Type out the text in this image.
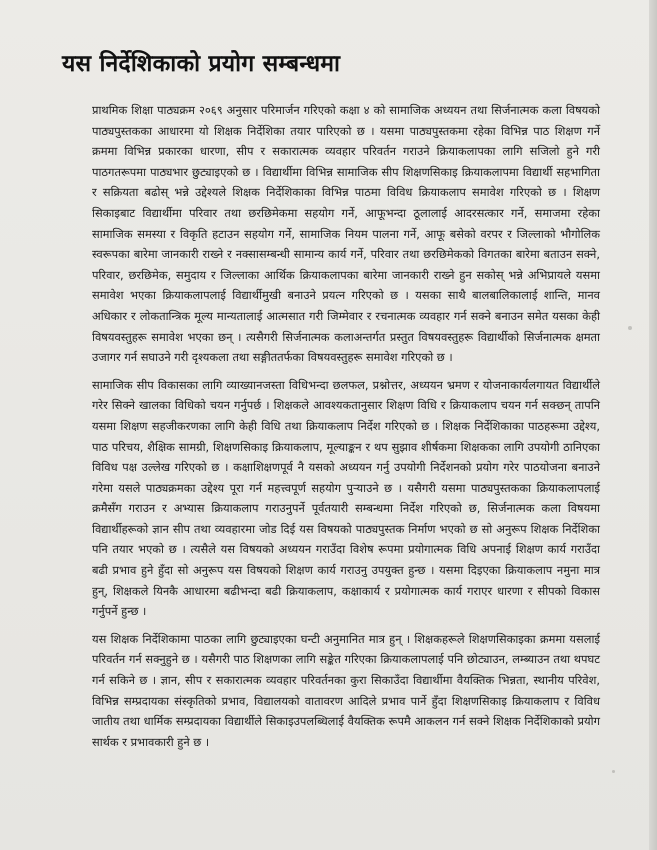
यस निर्देशिकाको प्रयोग सम्बन्धमा

प्राथमिक शिक्षा पाठ्यक्रम २०६९ अनुसार परिमार्जन गरिएको कक्षा ४ को सामाजिक अध्ययन तथा सिर्जनात्मक कला विषयको पाठ्यपुस्तकका आधारमा यो शिक्षक निर्देशिका तयार पारिएको छ । यसमा पाठ्यपुस्तकमा रहेका विभिन्न पाठ शिक्षण गर्ने क्रममा विभिन्न प्रकारका धारणा, सीप र सकारात्मक व्यवहार परिवर्तन गराउने क्रियाकलापका लागि सजिलो हुने गरी पाठगतरूपमा पाठ्यभार छुट्याइएको छ । विद्यार्थीमा विभिन्न सामाजिक सीप शिक्षणसिकाइ क्रियाकलापमा विद्यार्थी सहभागिता र सक्रियता बढोस् भन्ने उद्देश्यले शिक्षक निर्देशिकाका विभिन्न पाठमा विविध क्रियाकलाप समावेश गरिएको छ । शिक्षण सिकाइबाट विद्यार्थीमा परिवार तथा छरछिमेकमा सहयोग गर्ने, आफूभन्दा ठूलालाई आदरसत्कार गर्ने, समाजमा रहेका सामाजिक समस्या र विकृति हटाउन सहयोग गर्ने, सामाजिक नियम पालना गर्ने, आफू बसेको वरपर र जिल्लाको भौगोलिक स्वरूपका बारेमा जानकारी राख्ने र नक्सासम्बन्धी सामान्य कार्य गर्ने, परिवार तथा छरछिमेकको विगतका बारेमा बताउन सक्ने, परिवार, छरछिमेक, समुदाय र जिल्लाका आर्थिक क्रियाकलापका बारेमा जानकारी राख्ने हुन सकोस् भन्ने अभिप्रायले यसमा समावेश भएका क्रियाकलापलाई विद्यार्थीमुखी बनाउने प्रयत्न गरिएको छ । यसका साथै बालबालिकालाई शान्ति, मानव अधिकार र लोकतान्त्रिक मूल्य मान्यतालाई आत्मसात गरी जिम्मेवार र रचनात्मक व्यवहार गर्न सक्ने बनाउन समेत यसका केही विषयवस्तुहरू समावेश भएका छन् । त्यसैगरी सिर्जनात्मक कलाअन्तर्गत प्रस्तुत विषयवस्तुहरू विद्यार्थीको सिर्जनात्मक क्षमता उजागर गर्न सघाउने गरी दृश्यकला तथा सङ्गीततर्फका विषयवस्तुहरू समावेश गरिएको छ ।

सामाजिक सीप विकासका लागि व्याख्यानजस्ता विधिभन्दा छलफल, प्रश्नोत्तर, अध्ययन भ्रमण र योजनाकार्यलगायत विद्यार्थीले गरेर सिक्ने खालका विधिको चयन गर्नुपर्छ । शिक्षकले आवश्यकतानुसार शिक्षण विधि र क्रियाकलाप चयन गर्न सक्छन् तापनि यसमा शिक्षण सहजीकरणका लागि केही विधि तथा क्रियाकलाप निर्देश गरिएको छ । शिक्षक निर्देशिकाका पाठहरूमा उद्देश्य, पाठ परिचय, शैक्षिक सामग्री, शिक्षणसिकाइ क्रियाकलाप, मूल्याङ्कन र थप सुझाव शीर्षकमा शिक्षकका लागि उपयोगी ठानिएका विविध पक्ष उल्लेख गरिएको छ । कक्षाशिक्षणपूर्व नै यसको अध्ययन गर्नु उपयोगी निर्देशनको प्रयोग गरेर पाठयोजना बनाउने गरेमा यसले पाठ्यक्रमका उद्देश्य पूरा गर्न महत्त्वपूर्ण सहयोग पुऱ्याउने छ । यसैगरी यसमा पाठ्यपुस्तकका क्रियाकलापलाई क्रमैसँग गराउन र अभ्यास क्रियाकलाप गराउनुपर्ने पूर्वतयारी सम्बन्धमा निर्देश गरिएको छ, सिर्जनात्मक कला विषयमा विद्यार्थीहरूको ज्ञान सीप तथा व्यवहारमा जोड दिई यस विषयको पाठ्यपुस्तक निर्माण भएको छ सो अनुरूप शिक्षक निर्देशिका पनि तयार भएको छ । त्यसैले यस विषयको अध्ययन गराउँदा विशेष रूपमा प्रयोगात्मक विधि अपनाई शिक्षण कार्य गराउँदा बढी प्रभाव हुने हुँदा सो अनुरूप यस विषयको शिक्षण कार्य गराउनु उपयुक्त हुन्छ । यसमा दिइएका क्रियाकलाप नमुना मात्र हुन्, शिक्षकले यिनकै आधारमा बढीभन्दा बढी क्रियाकलाप, कक्षाकार्य र प्रयोगात्मक कार्य गराएर धारणा र सीपको विकास गर्नुपर्ने हुन्छ ।

यस शिक्षक निर्देशिकामा पाठका लागि छुट्याइएका घन्टी अनुमानित मात्र हुन् । शिक्षकहरूले शिक्षणसिकाइका क्रममा यसलाई परिवर्तन गर्न सक्नुहुने छ । यसैगरी पाठ शिक्षणका लागि सङ्केत गरिएका क्रियाकलापलाई पनि छोट्याउन, लम्ब्याउन तथा थपघट गर्न सकिने छ । ज्ञान, सीप र सकारात्मक व्यवहार परिवर्तनका कुरा सिकाउँदा विद्यार्थीमा वैयक्तिक भिन्नता, स्थानीय परिवेश, विभिन्न सम्प्रदायका संस्कृतिको प्रभाव, विद्यालयको वातावरण आदिले प्रभाव पार्ने हुँदा शिक्षणसिकाइ क्रियाकलाप र विविध जातीय तथा धार्मिक सम्प्रदायका विद्यार्थीले सिकाइउपलब्धिलाई वैयक्तिक रूपमै आकलन गर्न सक्ने शिक्षक निर्देशिकाको प्रयोग सार्थक र प्रभावकारी हुने छ ।
